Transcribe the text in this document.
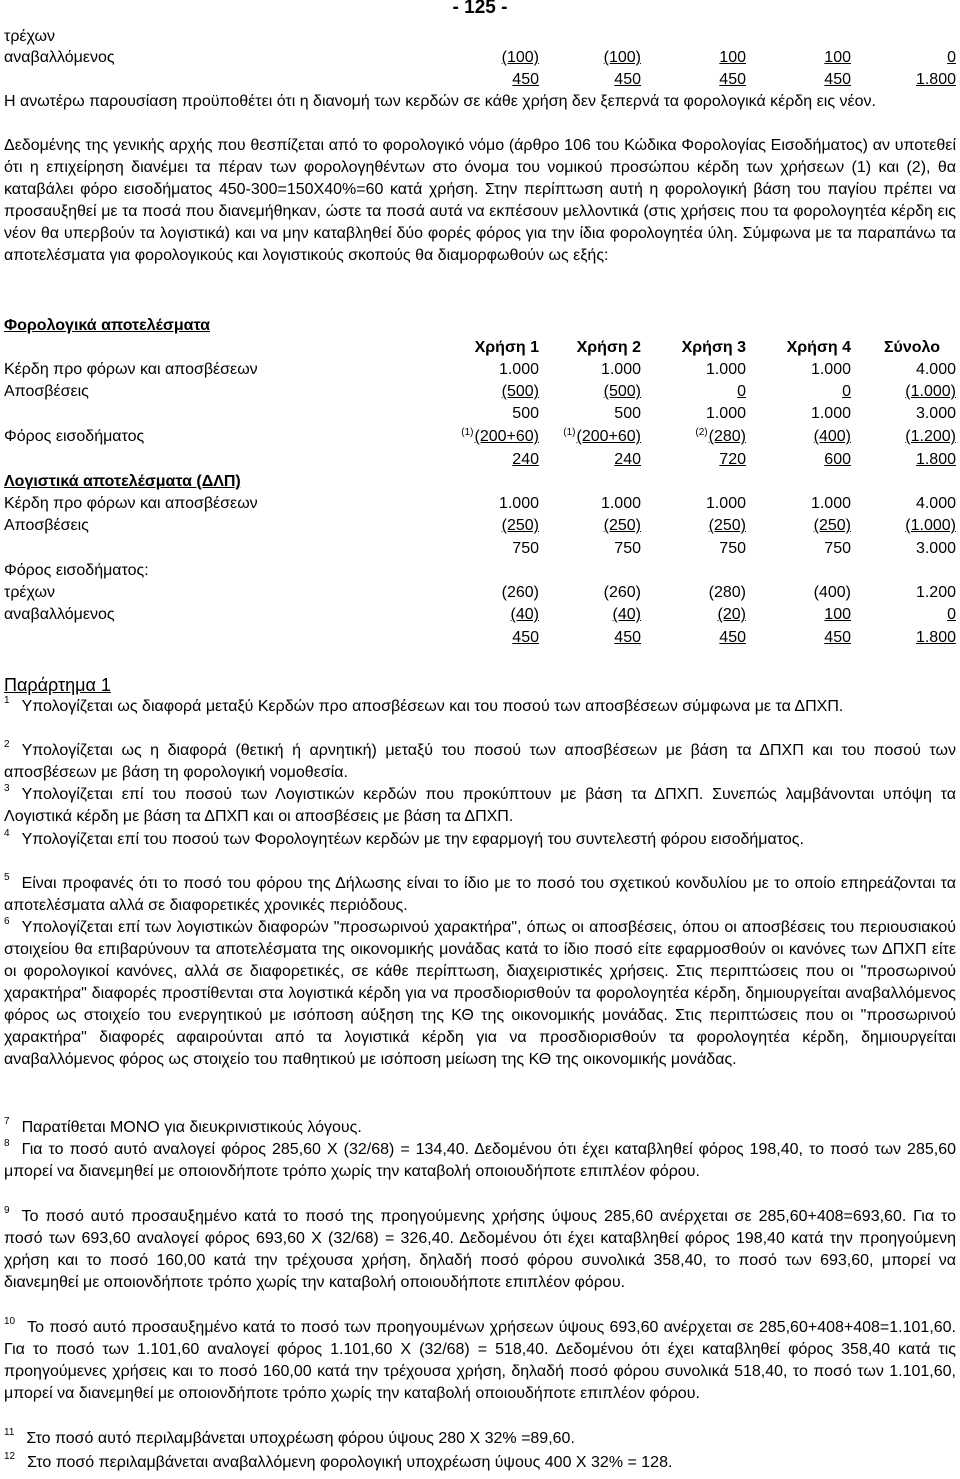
- 125 -
τρέχων
αναβαλλόμενος	(100)	(100)	100	100	0
450	450	450	450	1.800

Η ανωτέρω παρουσίαση προϋποθέτει ότι η διανομή των κερδών σε κάθε χρήση δεν ξεπερνά τα φορολογικά κέρδη εις νέον.

Δεδομένης της γενικής αρχής που θεσπίζεται από το φορολογικό νόμο (άρθρο 106 του Κώδικα Φορολογίας Εισοδήματος) αν υποτεθεί ότι η επιχείρηση διανέμει τα πέραν των φορολογηθέντων στο όνομα του νομικού προσώπου κέρδη των χρήσεων (1) και (2), θα καταβάλει φόρο εισοδήματος 450-300=150Χ40%=60 κατά χρήση. Στην περίπτωση αυτή η φορολογική βάση του παγίου πρέπει να προσαυξηθεί με τα ποσά που διανεμήθηκαν, ώστε τα ποσά αυτά να εκπέσουν μελλοντικά (στις χρήσεις που τα φορολογητέα κέρδη εις νέον θα υπερβούν τα λογιστικά) και να μην καταβληθεί δύο φορές φόρος για την ίδια φορολογητέα ύλη. Σύμφωνα με τα παραπάνω τα αποτελέσματα για φορολογικούς και λογιστικούς σκοπούς θα διαμορφωθούν ως εξής:

Φορολογικά αποτελέσματα
Χρήση 1 Χρήση 2	Χρήση 3	Χρήση 4 Σύνολο
Κέρδη προ φόρων και αποσβέσεων	1.000	1.000	1.000	1.000	4.000
Αποσβέσεις	(500)	(500)	0	0	(1.000)
500	500	1.000	1.000	3.000
Φόρος εισοδήματος	$^{(1)}$(200+60) $^{(1)}$(200+60)	$^{(2)}$(280)	(400)	(1.200)
240	240	720	600	1.800
Λογιστικά αποτελέσματα (ΔΛΠ)
Κέρδη προ φόρων και αποσβέσεων	1.000	1.000	1.000	1.000	4.000
Αποσβέσεις	(250)	(250)	(250)	(250)	(1.000)
750	750	750	750	3.000
Φόρος εισοδήματος:
τρέχων	(260)	(260)	(280)	(400)	1.200
αναβαλλόμενος	(40)	(40)	(20)	100	0
450	450	450	450	1.800
Παράρτημα 1

$^1$ Υπολογίζεται ως διαφορά μεταξύ Κερδών προ αποσβέσεων και του ποσού των αποσβέσεων σύμφωνα με τα ΔΠΧΠ.

$^2$ Υπολογίζεται ως η διαφορά (θετική ή αρνητική) μεταξύ του ποσού των αποσβέσεων με βάση τα ΔΠΧΠ και του ποσού των αποσβέσεων με βάση τη φορολογική νομοθεσία.

$^3$ Υπολογίζεται επί του ποσού των Λογιστικών κερδών που προκύπτουν με βάση τα ΔΠΧΠ. Συνεπώς λαμβάνονται υπόψη τα Λογιστικά κέρδη με βάση τα ΔΠΧΠ και οι αποσβέσεις με βάση τα ΔΠΧΠ.

$^4$ Υπολογίζεται επί του ποσού των Φορολογητέων κερδών με την εφαρμογή του συντελεστή φόρου εισοδήματος.

$^5$ Είναι προφανές ότι το ποσό του φόρου της Δήλωσης είναι το ίδιο με το ποσό του σχετικού κονδυλίου με το οποίο επηρεάζονται τα αποτελέσματα αλλά σε διαφορετικές χρονικές περιόδους.

$^6$ Υπολογίζεται επί των λογιστικών διαφορών "προσωρινού χαρακτήρα", όπως οι αποσβέσεις, όπου οι αποσβέσεις του περιουσιακού στοιχείου θα επιβαρύνουν τα αποτελέσματα της οικονομικής μονάδας κατά το ίδιο ποσό είτε εφαρμοσθούν οι κανόνες των ΔΠΧΠ είτε οι φορολογικοί κανόνες, αλλά σε διαφορετικές, σε κάθε περίπτωση, διαχειριστικές χρήσεις. Στις περιπτώσεις που οι "προσωρινού χαρακτήρα" διαφορές προστίθενται στα λογιστικά κέρδη για να προσδιορισθούν τα φορολογητέα κέρδη, δημιουργείται αναβαλλόμενος φόρος ως στοιχείο του ενεργητικού με ισόποση αύξηση της ΚΘ της οικονομικής μονάδας. Στις περιπτώσεις που οι "προσωρινού χαρακτήρα" διαφορές αφαιρούνται από τα λογιστικά κέρδη για να προσδιορισθούν τα φορολογητέα κέρδη, δημιουργείται αναβαλλόμενος φόρος ως στοιχείο του παθητικού με ισόποση μείωση της ΚΘ της οικονομικής μονάδας.

$^7$ Παρατίθεται ΜΟΝΟ για διευκρινιστικούς λόγους.

$^8$ Για το ποσό αυτό αναλογεί φόρος 285,60 Χ (32/68) = 134,40. Δεδομένου ότι έχει καταβληθεί φόρος 198,40, το ποσό των 285,60 μπορεί να διανεμηθεί με οποιονδήποτε τρόπο χωρίς την καταβολή οποιουδήποτε επιπλέον φόρου.

$^9$ Το ποσό αυτό προσαυξημένο κατά το ποσό της προηγούμενης χρήσης ύψους 285,60 ανέρχεται σε 285,60+408=693,60. Για το ποσό των 693,60 αναλογεί φόρος 693,60 Χ (32/68) = 326,40. Δεδομένου ότι έχει καταβληθεί φόρος 198,40 κατά την προηγούμενη χρήση και το ποσό 160,00 κατά την τρέχουσα χρήση, δηλαδή ποσό φόρου συνολικά 358,40, το ποσό των 693,60, μπορεί να διανεμηθεί με οποιονδήποτε τρόπο χωρίς την καταβολή οποιουδήποτε επιπλέον φόρου.

$^{10}$ Το ποσό αυτό προσαυξημένο κατά το ποσό των προηγουμένων χρήσεων ύψους 693,60 ανέρχεται σε 285,60+408+408=1.101,60. Για το ποσό των 1.101,60 αναλογεί φόρος 1.101,60 Χ (32/68) = 518,40. Δεδομένου ότι έχει καταβληθεί φόρος 358,40 κατά τις προηγούμενες χρήσεις και το ποσό 160,00 κατά την τρέχουσα χρήση, δηλαδή ποσό φόρου συνολικά 518,40, το ποσό των 1.101,60, μπορεί να διανεμηθεί με οποιονδήποτε τρόπο χωρίς την καταβολή οποιουδήποτε επιπλέον φόρου.

$^{11}$ Στο ποσό αυτό περιλαμβάνεται υποχρέωση φόρου ύψους 280 Χ 32% =89,60.

$^{12}$ Στο ποσό περιλαμβάνεται αναβαλλόμενη φορολογική υποχρέωση ύψους 400 Χ 32% = 128.
